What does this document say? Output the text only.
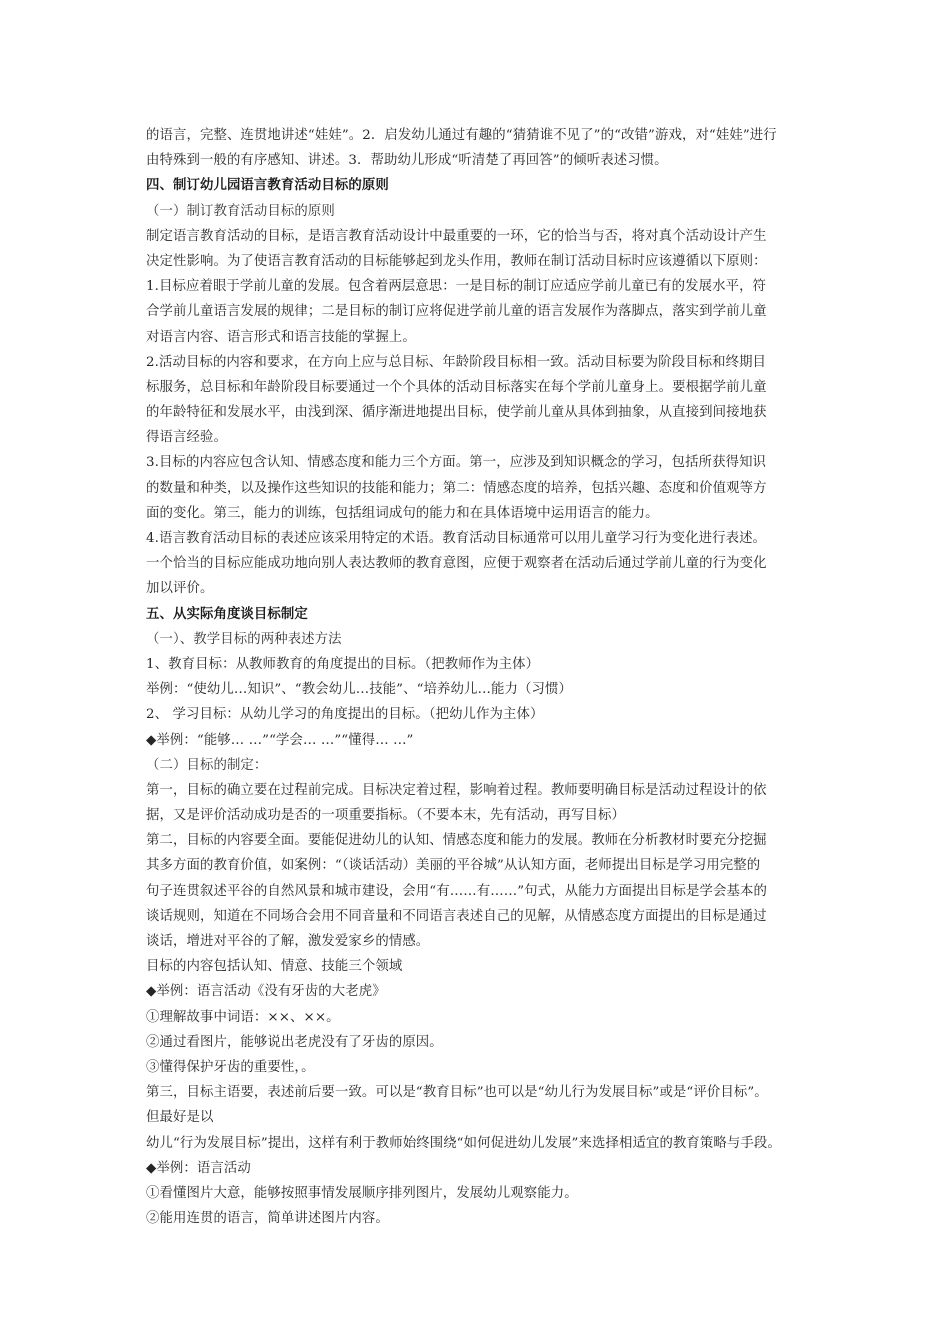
的语言，完整、连贯地讲述“娃娃”。2．启发幼儿通过有趣的“猜猜谁不见了”的“改错”游戏，对“娃娃”进行
由特殊到一般的有序感知、讲述。3．帮助幼儿形成“听清楚了再回答”的倾听表述习惯。
四、制订幼儿园语言教育活动目标的原则
（一）制订教育活动目标的原则
制定语言教育活动的目标，是语言教育活动设计中最重要的一环，它的恰当与否，将对真个活动设计产生
决定性影响。为了使语言教育活动的目标能够起到龙头作用，教师在制订活动目标时应该遵循以下原则：
1.目标应着眼于学前儿童的发展。包含着两层意思：一是目标的制订应适应学前儿童已有的发展水平，符
合学前儿童语言发展的规律；二是目标的制订应将促进学前儿童的语言发展作为落脚点，落实到学前儿童
对语言内容、语言形式和语言技能的掌握上。
2.活动目标的内容和要求，在方向上应与总目标、年龄阶段目标相一致。活动目标要为阶段目标和终期目
标服务，总目标和年龄阶段目标要通过一个个具体的活动目标落实在每个学前儿童身上。要根据学前儿童
的年龄特征和发展水平，由浅到深、循序渐进地提出目标，使学前儿童从具体到抽象，从直接到间接地获
得语言经验。
3.目标的内容应包含认知、情感态度和能力三个方面。第一，应涉及到知识概念的学习，包括所获得知识
的数量和种类，以及操作这些知识的技能和能力；第二：情感态度的培养，包括兴趣、态度和价值观等方
面的变化。第三，能力的训练，包括组词成句的能力和在具体语境中运用语言的能力。
4.语言教育活动目标的表述应该采用特定的术语。教育活动目标通常可以用儿童学习行为变化进行表述。
一个恰当的目标应能成功地向别人表达教师的教育意图，应便于观察者在活动后通过学前儿童的行为变化
加以评价。
五、从实际角度谈目标制定
（一）、教学目标的两种表述方法
1、教育目标：从教师教育的角度提出的目标。（把教师作为主体）
举例：“使幼儿…知识”、“教会幼儿…技能”、“培养幼儿…能力（习惯）
2、 学习目标：从幼儿学习的角度提出的目标。（把幼儿作为主体）
◆举例：“能够… …”“学会… …”“懂得… …”
（二）目标的制定：
第一，目标的确立要在过程前完成。目标决定着过程，影响着过程。教师要明确目标是活动过程设计的依
据，又是评价活动成功是否的一项重要指标。（不要本末，先有活动，再写目标）
第二，目标的内容要全面。要能促进幼儿的认知、情感态度和能力的发展。教师在分析教材时要充分挖掘
其多方面的教育价值，如案例：“（谈话活动）美丽的平谷城”从认知方面，老师提出目标是学习用完整的
句子连贯叙述平谷的自然风景和城市建设，会用“有……有……”句式，从能力方面提出目标是学会基本的
谈话规则，知道在不同场合会用不同音量和不同语言表述自己的见解，从情感态度方面提出的目标是通过
谈话，增进对平谷的了解，激发爱家乡的情感。
目标的内容包括认知、情意、技能三个领域
◆举例：语言活动《没有牙齿的大老虎》
①理解故事中词语：××、××。
②通过看图片，能够说出老虎没有了牙齿的原因。
③懂得保护牙齿的重要性，。
第三，目标主语要，表述前后要一致。可以是“教育目标”也可以是“幼儿行为发展目标”或是“评价目标”。
但最好是以
幼儿“行为发展目标”提出，这样有利于教师始终围绕“如何促进幼儿发展”来选择相适宜的教育策略与手段。
◆举例：语言活动
①看懂图片大意，能够按照事情发展顺序排列图片，发展幼儿观察能力。
②能用连贯的语言，简单讲述图片内容。
